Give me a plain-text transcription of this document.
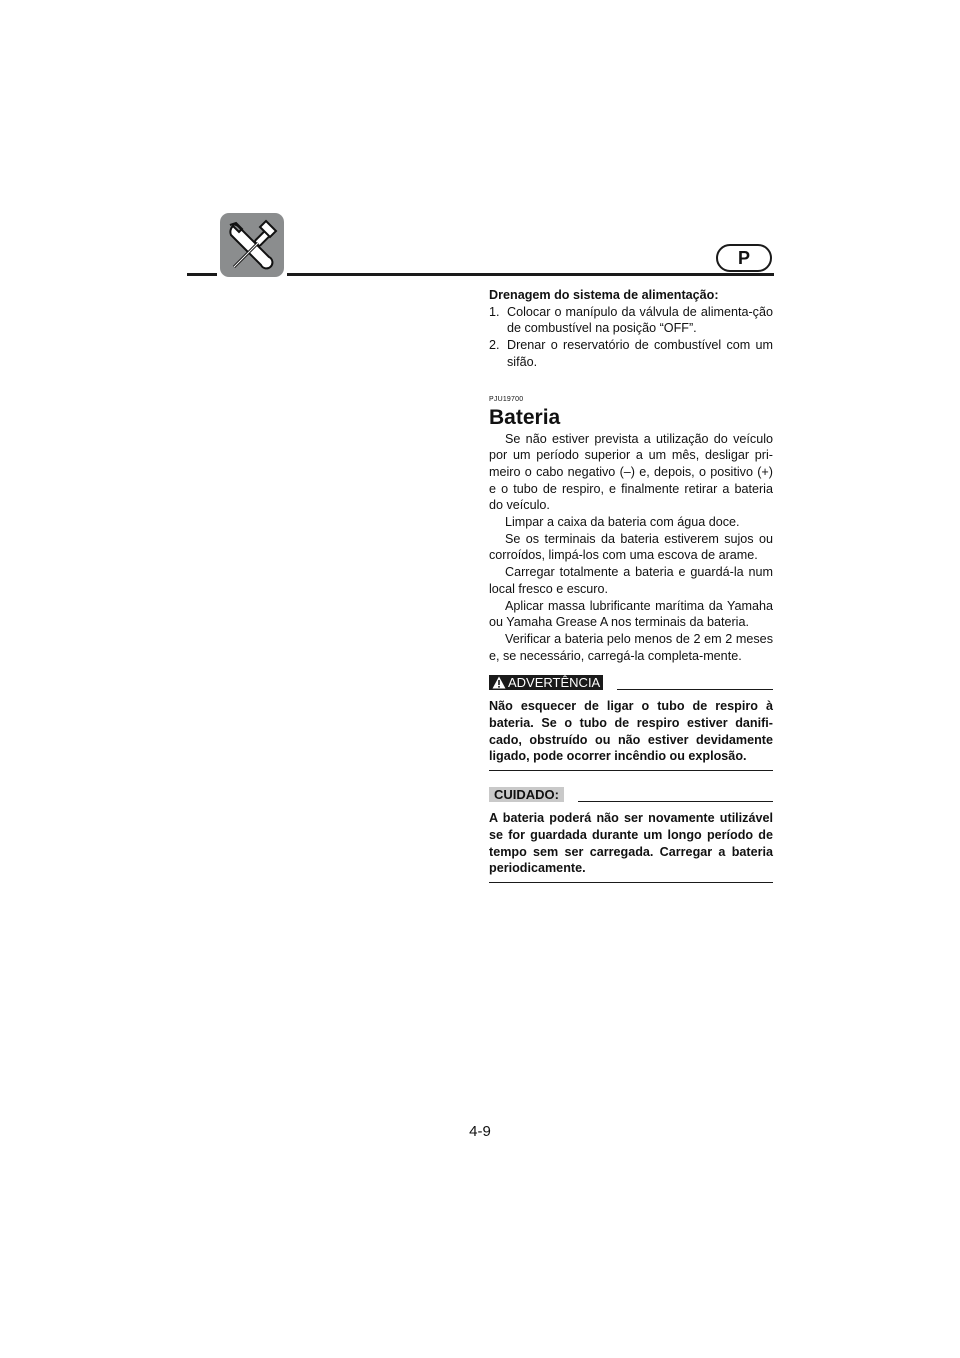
P
Drenagem do sistema de alimentação:
1. Colocar o manípulo da válvula de alimenta-ção de combustível na posição “OFF”.
2. Drenar o reservatório de combustível com um sifão.
PJU19700
Bateria

Se não estiver prevista a utilização do veículo por um período superior a um mês, desligar pri-meiro o cabo negativo (–) e, depois, o positivo (+) e o tubo de respiro, e finalmente retirar a bateria do veículo.

Limpar a caixa da bateria com água doce.

Se os terminais da bateria estiverem sujos ou corroídos, limpá-los com uma escova de arame.

Carregar totalmente a bateria e guardá-la num local fresco e escuro.

Aplicar massa lubrificante marítima da Yamaha ou Yamaha Grease A nos terminais da bateria.

Verificar a bateria pelo menos de 2 em 2 meses e, se necessário, carregá-la completa-mente.

ADVERTÊNCIA
Não esquecer de ligar o tubo de respiro à bateria. Se o tubo de respiro estiver danifi-cado, obstruído ou não estiver devidamente ligado, pode ocorrer incêndio ou explosão.
CUIDADO:
A bateria poderá não ser novamente utilizável se for guardada durante um longo período de tempo sem ser carregada. Carregar a bateria periodicamente.
4-9
